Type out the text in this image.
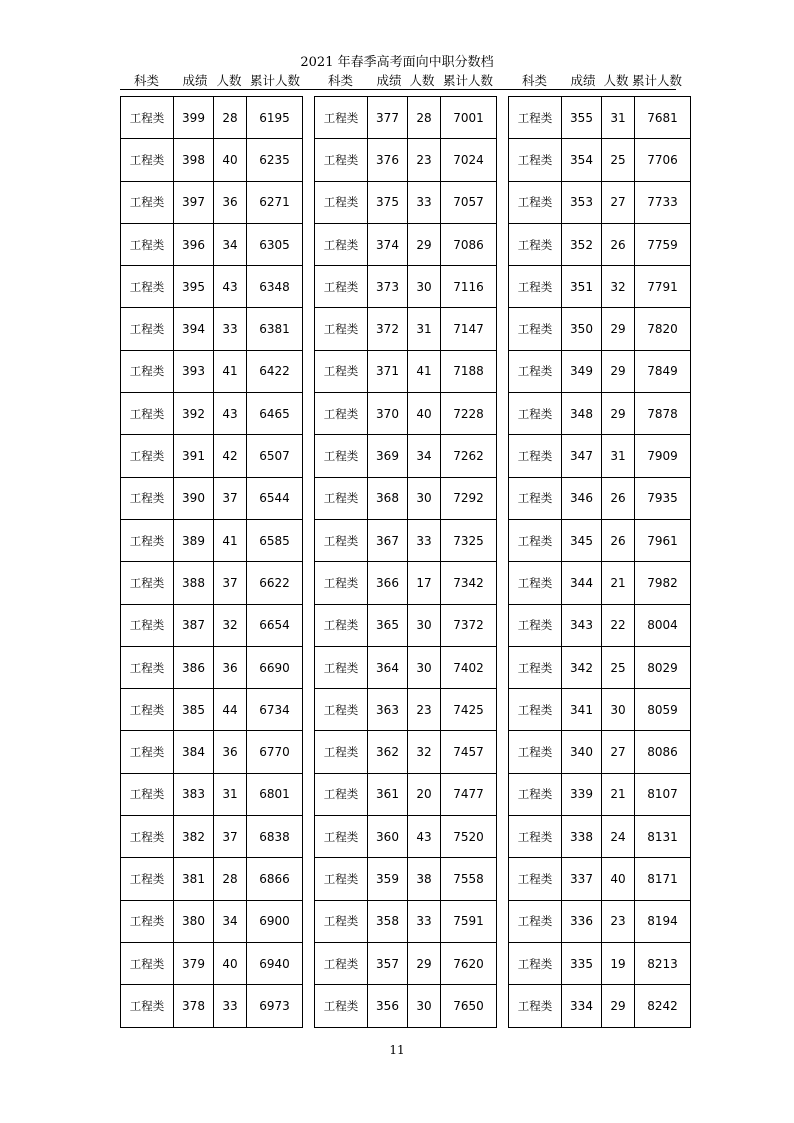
2021 年春季高考面向中职分数档
科类	成绩 人数 累计人数	科类	成绩 人数 累计人数	科类	成绩 人数 累计人数
工程类	399	28	6195
工程类	398	40	6235
工程类	397	36	6271
工程类	396	34	6305
工程类	395	43	6348
工程类	394	33	6381
工程类	393	41	6422
工程类	392	43	6465
工程类	391	42	6507
工程类	390	37	6544
工程类	389	41	6585
工程类	388	37	6622
工程类	387	32	6654
工程类	386	36	6690
工程类	385	44	6734
工程类	384	36	6770
工程类	383	31	6801
工程类	382	37	6838
工程类	381	28	6866
工程类	380	34	6900
工程类	379	40	6940
工程类	378	33	6973
工程类	377	28	7001
工程类	376	23	7024
工程类	375	33	7057
工程类	374	29	7086
工程类	373	30	7116
工程类	372	31	7147
工程类	371	41	7188
工程类	370	40	7228
工程类	369	34	7262
工程类	368	30	7292
工程类	367	33	7325
工程类	366	17	7342
工程类	365	30	7372
工程类	364	30	7402
工程类	363	23	7425
工程类	362	32	7457
工程类	361	20	7477
工程类	360	43	7520
工程类	359	38	7558
工程类	358	33	7591
工程类	357	29	7620
工程类	356	30	7650
工程类	355	31	7681
工程类	354	25	7706
工程类	353	27	7733
工程类	352	26	7759
工程类	351	32	7791
工程类	350	29	7820
工程类	349	29	7849
工程类	348	29	7878
工程类	347	31	7909
工程类	346	26	7935
工程类	345	26	7961
工程类	344	21	7982
工程类	343	22	8004
工程类	342	25	8029
工程类	341	30	8059
工程类	340	27	8086
工程类	339	21	8107
工程类	338	24	8131
工程类	337	40	8171
工程类	336	23	8194
工程类	335	19	8213
工程类	334	29	8242
11
